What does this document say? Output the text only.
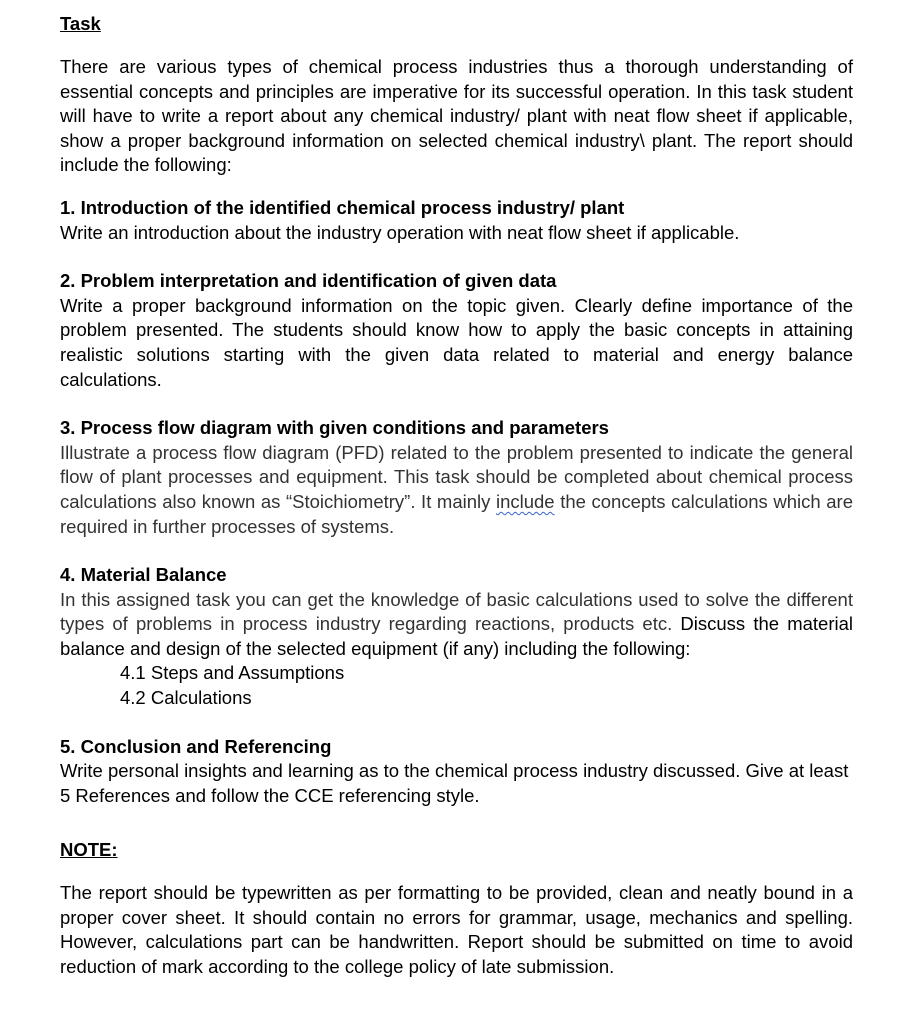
Task

There are various types of chemical process industries thus a thorough understanding of essential concepts and principles are imperative for its successful operation. In this task student will have to write a report about any chemical industry/ plant with neat flow sheet if applicable, show a proper background information on selected chemical industry\ plant. The report should include the following:

1. Introduction of the identified chemical process industry/ plant

Write an introduction about the industry operation with neat flow sheet if applicable.

2. Problem interpretation and identification of given data

Write a proper background information on the topic given. Clearly define importance of the problem presented. The students should know how to apply the basic concepts in attaining realistic solutions starting with the given data related to material and energy balance calculations.

3. Process flow diagram with given conditions and parameters

Illustrate a process flow diagram (PFD) related to the problem presented to indicate the general flow of plant processes and equipment. This task should be completed about chemical process calculations also known as “Stoichiometry”. It mainly include the concepts calculations which are required in further processes of systems.

4. Material Balance

In this assigned task you can get the knowledge of basic calculations used to solve the different types of problems in process industry regarding reactions, products etc. Discuss the material balance and design of the selected equipment (if any) including the following:

4.1 Steps and Assumptions

4.2 Calculations

5. Conclusion and Referencing

Write personal insights and learning as to the chemical process industry discussed. Give at least 5 References and follow the CCE referencing style.

NOTE:

The report should be typewritten as per formatting to be provided, clean and neatly bound in a proper cover sheet. It should contain no errors for grammar, usage, mechanics and spelling. However, calculations part can be handwritten. Report should be submitted on time to avoid reduction of mark according to the college policy of late submission.
